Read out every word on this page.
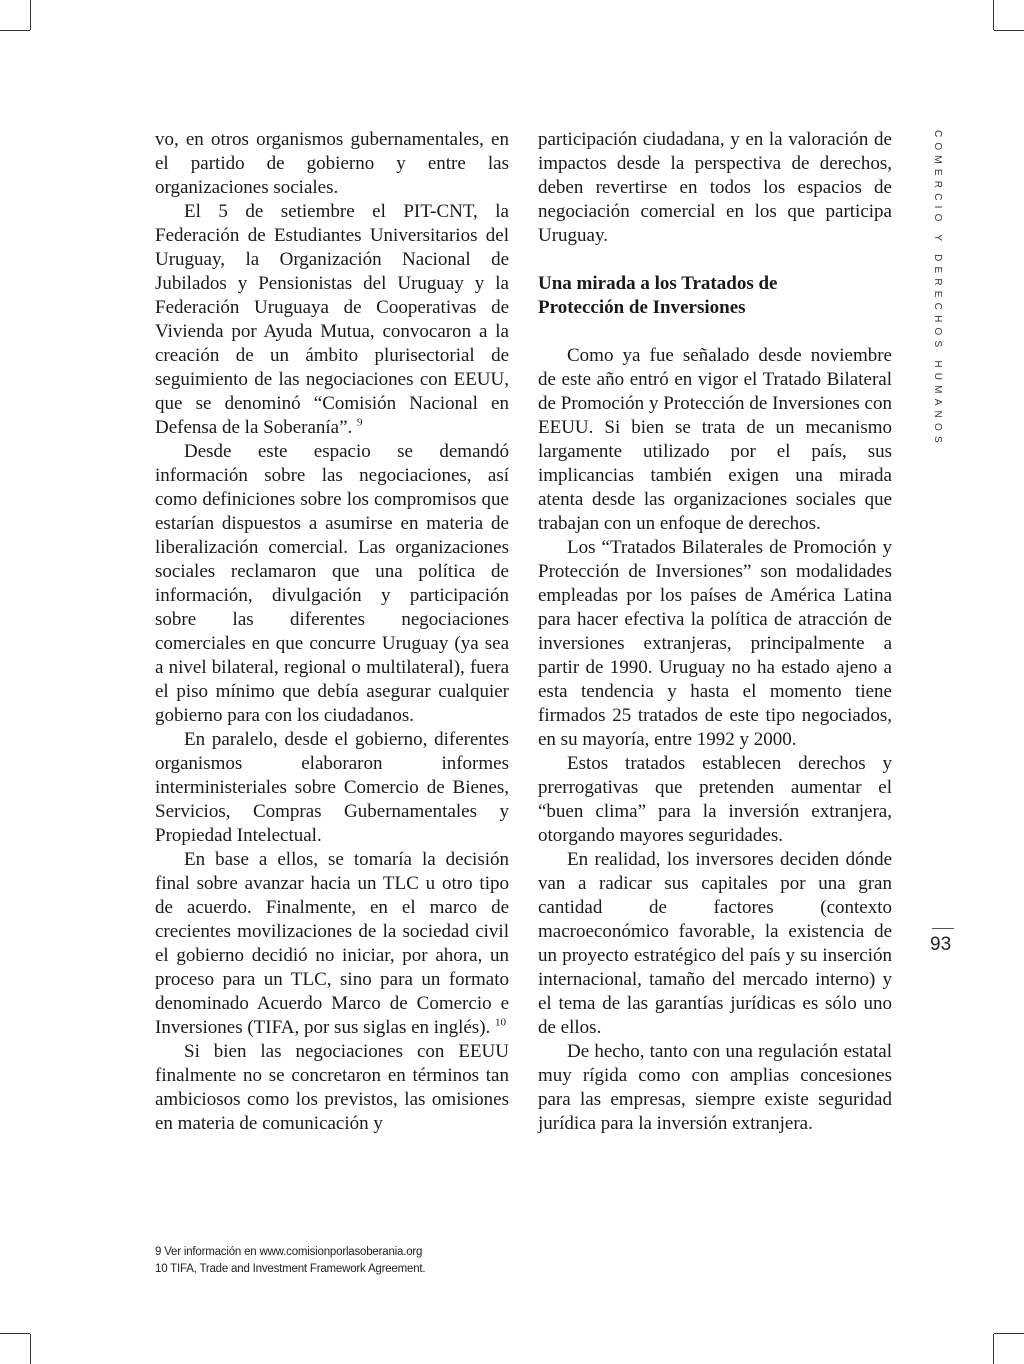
vo, en otros organismos gubernamentales, en el partido de gobierno y entre las organizaciones sociales.

El 5 de setiembre el PIT-CNT, la Federación de Estudiantes Universitarios del Uruguay, la Organización Nacional de Jubilados y Pensionistas del Uruguay y la Federación Uruguaya de Cooperativas de Vivienda por Ayuda Mutua, convocaron a la creación de un ámbito plurisectorial de seguimiento de las negociaciones con EEUU, que se denominó “Comisión Nacional en Defensa de la Soberanía”. $^9$

Desde este espacio se demandó información sobre las negociaciones, así como definiciones sobre los compromisos que estarían dispuestos a asumirse en materia de liberalización comercial. Las organizaciones sociales reclamaron que una política de información, divulgación y participación sobre las diferentes negociaciones comerciales en que concurre Uruguay (ya sea a nivel bilateral, regional o multilateral), fuera el piso mínimo que debía asegurar cualquier gobierno para con los ciudadanos.

En paralelo, desde el gobierno, diferentes organismos elaboraron informes interministeriales sobre Comercio de Bienes, Servicios, Compras Gubernamentales y Propiedad Intelectual.

En base a ellos, se tomaría la decisión final sobre avanzar hacia un TLC u otro tipo de acuerdo. Finalmente, en el marco de crecientes movilizaciones de la sociedad civil el gobierno decidió no iniciar, por ahora, un proceso para un TLC, sino para un formato denominado Acuerdo Marco de Comercio e Inversiones (TIFA, por sus siglas en inglés). $^{10}$

Si bien las negociaciones con EEUU finalmente no se concretaron en términos tan ambiciosos como los previstos, las omisiones en materia de comunicación y

participación ciudadana, y en la valoración de impactos desde la perspectiva de derechos, deben revertirse en todos los espacios de negociación comercial en los que participa Uruguay.

Una mirada a los Tratados de
Protección de Inversiones

Como ya fue señalado desde noviembre de este año entró en vigor el Tratado Bilateral de Promoción y Protección de Inversiones con EEUU. Si bien se trata de un mecanismo largamente utilizado por el país, sus implicancias también exigen una mirada atenta desde las organizaciones sociales que trabajan con un enfoque de derechos.

Los “Tratados Bilaterales de Promoción y Protección de Inversiones” son modalidades empleadas por los países de América Latina para hacer efectiva la política de atracción de inversiones extranjeras, principalmente a partir de 1990. Uruguay no ha estado ajeno a esta tendencia y hasta el momento tiene firmados 25 tratados de este tipo negociados, en su mayoría, entre 1992 y 2000.

Estos tratados establecen derechos y prerrogativas que pretenden aumentar el “buen clima” para la inversión extranjera, otorgando mayores seguridades.

En realidad, los inversores deciden dónde van a radicar sus capitales por una gran cantidad de factores (contexto macroeconómico favorable, la existencia de un proyecto estratégico del país y su inserción internacional, tamaño del mercado interno) y el tema de las garantías jurídicas es sólo uno de ellos.

De hecho, tanto con una regulación estatal muy rígida como con amplias concesiones para las empresas, siempre existe seguridad jurídica para la inversión extranjera.

COMERCIO Y DERECHOS HUMANOS
93
9 Ver información en www.comisionporlasoberania.org
10 TIFA, Trade and Investment Framework Agreement.
